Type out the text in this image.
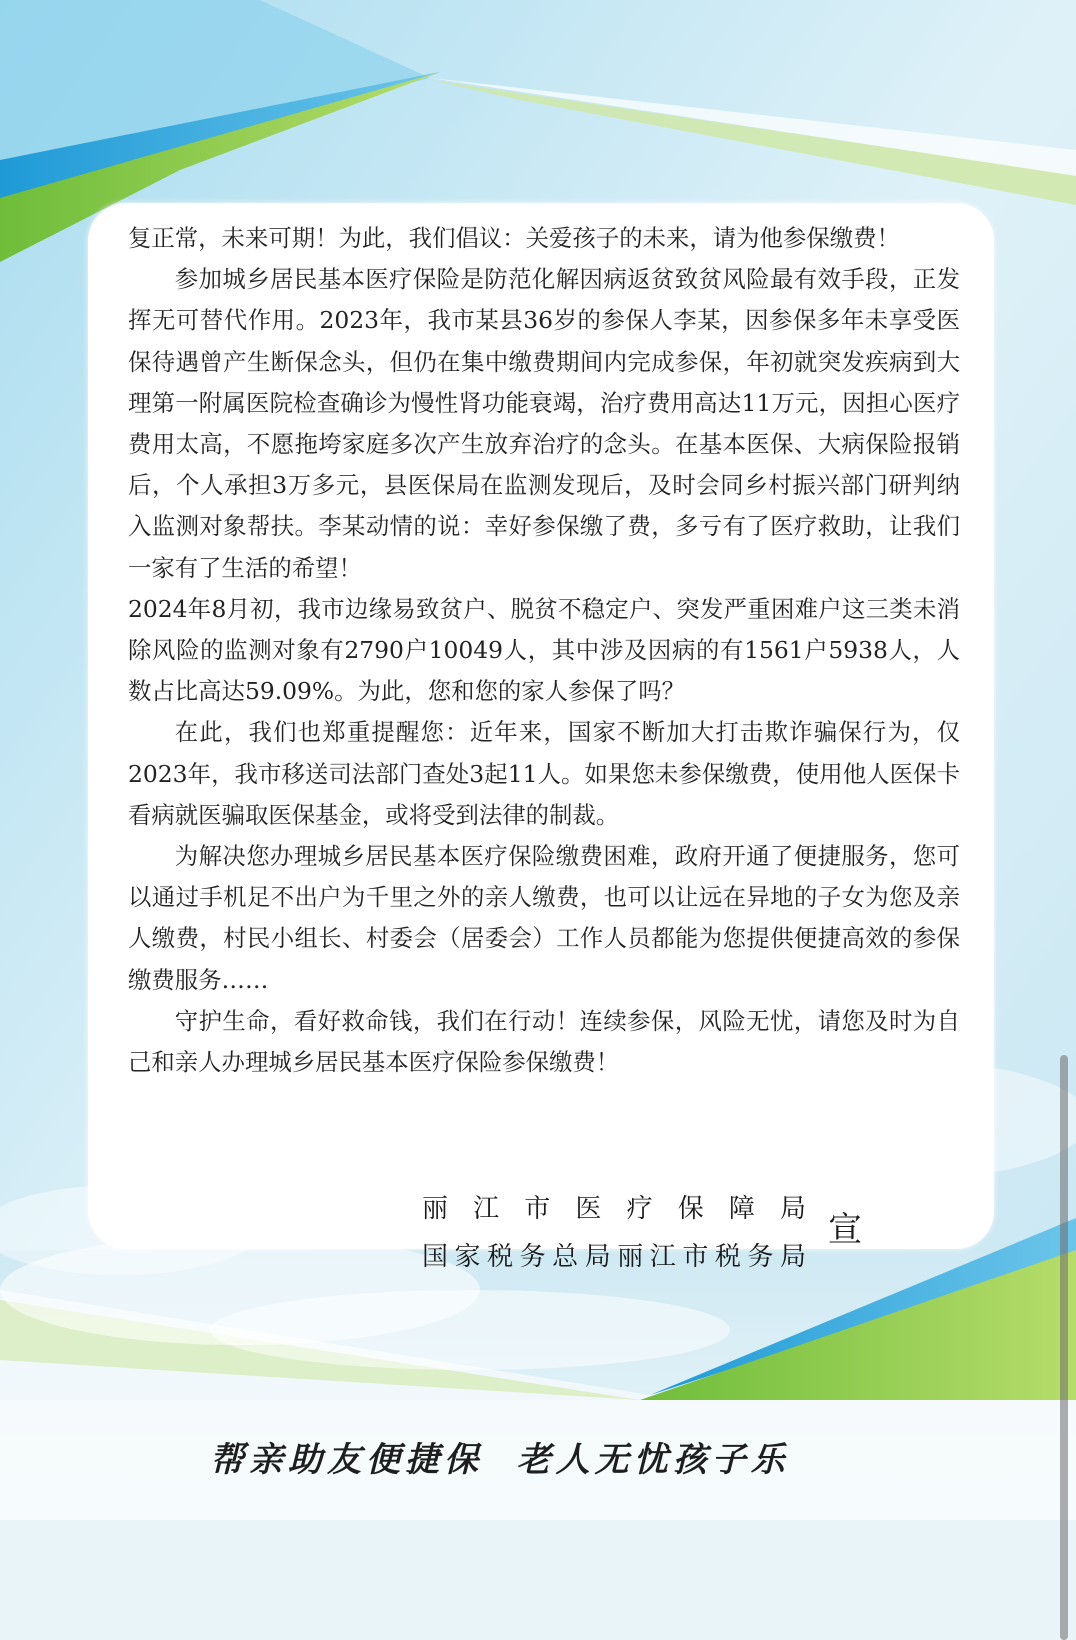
复正常，未来可期！为此，我们倡议：关爱孩子的未来，请为他参保缴费！

参加城乡居民基本医疗保险是防范化解因病返贫致贫风险最有效手段，正发挥无可替代作用。2023年，我市某县36岁的参保人李某，因参保多年未享受医保待遇曾产生断保念头，但仍在集中缴费期间内完成参保，年初就突发疾病到大理第一附属医院检查确诊为慢性肾功能衰竭，治疗费用高达11万元，因担心医疗费用太高，不愿拖垮家庭多次产生放弃治疗的念头。在基本医保、大病保险报销后，个人承担3万多元，县医保局在监测发现后，及时会同乡村振兴部门研判纳入监测对象帮扶。李某动情的说：幸好参保缴了费，多亏有了医疗救助，让我们一家有了生活的希望！

2024年8月初，我市边缘易致贫户、脱贫不稳定户、突发严重困难户这三类未消除风险的监测对象有2790户10049人，其中涉及因病的有1561户5938人，人数占比高达59.09%。为此，您和您的家人参保了吗？

在此，我们也郑重提醒您：近年来，国家不断加大打击欺诈骗保行为，仅2023年，我市移送司法部门查处3起11人。如果您未参保缴费，使用他人医保卡看病就医骗取医保基金，或将受到法律的制裁。

为解决您办理城乡居民基本医疗保险缴费困难，政府开通了便捷服务，您可以通过手机足不出户为千里之外的亲人缴费，也可以让远在异地的子女为您及亲人缴费，村民小组长、村委会（居委会）工作人员都能为您提供便捷高效的参保缴费服务……

守护生命，看好救命钱，我们在行动！连续参保，风险无忧，请您及时为自己和亲人办理城乡居民基本医疗保险参保缴费！

丽江市医疗保障局
国家税务总局丽江市税务局
宣
帮亲助友便捷保  老人无忧孩子乐
